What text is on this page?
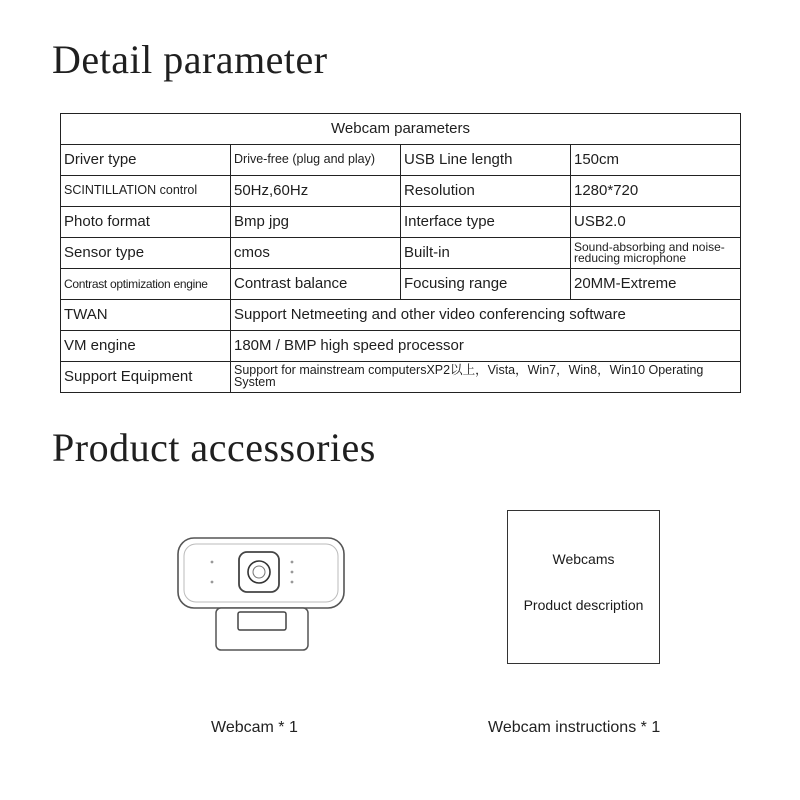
Detail parameter
Webcam parameters			
Driver type	Drive-free (plug and play)	USB Line length	150cm
SCINTILLATION control	50Hz,60Hz	Resolution	1280*720
Photo format	Bmp jpg	Interface type	USB2.0
Sensor type	cmos	Built-in	Sound-absorbing and noise-reducing microphone
Contrast optimization engine	Contrast balance	Focusing range	20MM-Extreme
TWAN	Support Netmeeting and other video conferencing software		
VM engine	180M / BMP high speed processor		
Support Equipment	Support for mainstream computersXP2以上，Vista，Win7，Win8，Win10 Operating System		
Product accessories
Webcams
Product description
Webcam * 1	Webcam instructions * 1
